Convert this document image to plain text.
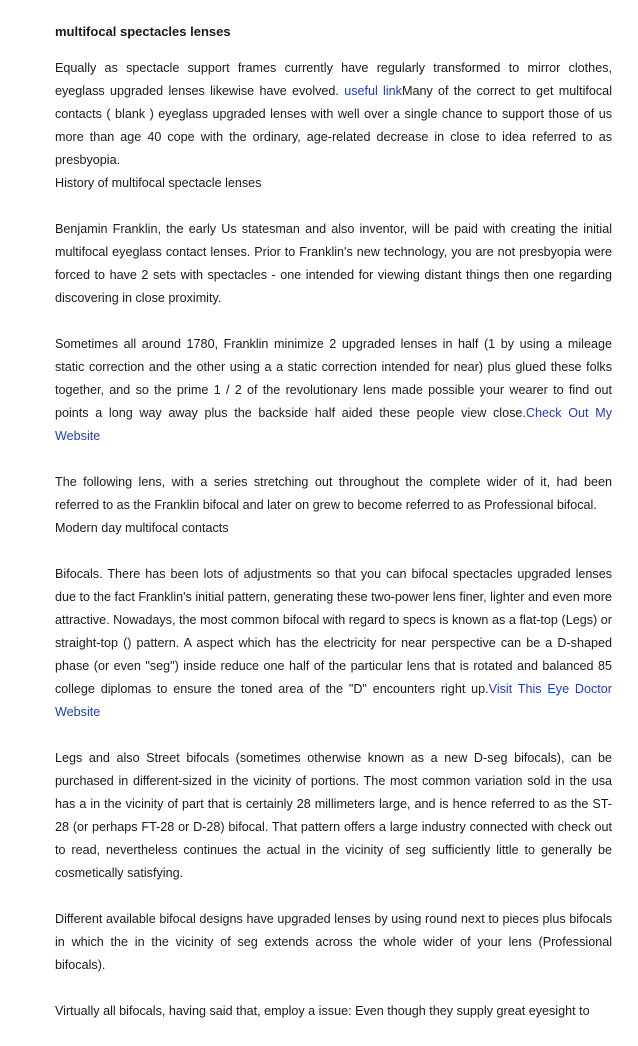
multifocal spectacles lenses

Equally as spectacle support frames currently have regularly transformed to mirror clothes, eyeglass upgraded lenses likewise have evolved. useful linkMany of the correct to get multifocal contacts ( blank ) eyeglass upgraded lenses with well over a single chance to support those of us more than age 40 cope with the ordinary, age-related decrease in close to idea referred to as presbyopia.

History of multifocal spectacle lenses

Benjamin Franklin, the early Us statesman and also inventor, will be paid with creating the initial multifocal eyeglass contact lenses. Prior to Franklin's new technology, you are not presbyopia were forced to have 2 sets with spectacles - one intended for viewing distant things then one regarding discovering in close proximity.

Sometimes all around 1780, Franklin minimize 2 upgraded lenses in half (1 by using a mileage static correction and the other using a a static correction intended for near) plus glued these folks together, and so the prime 1 / 2 of the revolutionary lens made possible your wearer to find out points a long way away plus the backside half aided these people view close.Check Out My Website

The following lens, with a series stretching out throughout the complete wider of it, had been referred to as the Franklin bifocal and later on grew to become referred to as Professional bifocal.

Modern day multifocal contacts

Bifocals. There has been lots of adjustments so that you can bifocal spectacles upgraded lenses due to the fact Franklin's initial pattern, generating these two-power lens finer, lighter and even more attractive. Nowadays, the most common bifocal with regard to specs is known as a flat-top (Legs) or straight-top () pattern. A aspect which has the electricity for near perspective can be a D-shaped phase (or even "seg") inside reduce one half of the particular lens that is rotated and balanced 85 college diplomas to ensure the toned area of the "D" encounters right up.Visit This Eye Doctor Website

Legs and also Street bifocals (sometimes otherwise known as a new D-seg bifocals), can be purchased in different-sized in the vicinity of portions. The most common variation sold in the usa has a in the vicinity of part that is certainly 28 millimeters large, and is hence referred to as the ST-28 (or perhaps FT-28 or D-28) bifocal. That pattern offers a large industry connected with check out to read, nevertheless continues the actual in the vicinity of seg sufficiently little to generally be cosmetically satisfying.

Different available bifocal designs have upgraded lenses by using round next to pieces plus bifocals in which the in the vicinity of seg extends across the whole wider of your lens (Professional bifocals).

Virtually all bifocals, having said that, employ a issue: Even though they supply great eyesight to
